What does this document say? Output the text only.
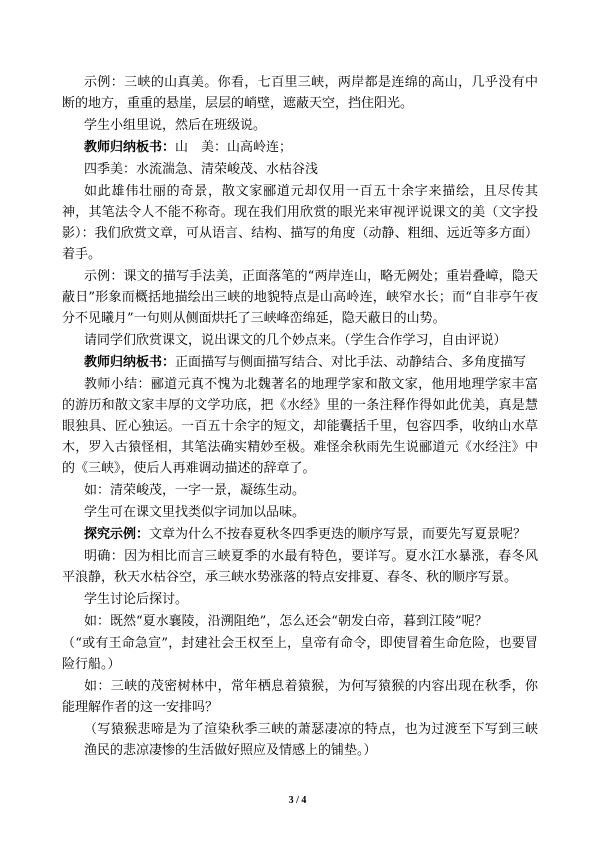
示例：三峡的山真美。你看，七百里三峡，两岸都是连绵的高山，几乎没有中断的地方，重重的悬崖，层层的峭壁，遮蔽天空，挡住阳光。

学生小组里说，然后在班级说。

教师归纳板书：山　美：山高岭连；

四季美：水流湍急、清荣峻茂、水枯谷浅

如此雄伟壮丽的奇景，散文家郦道元却仅用一百五十余字来描绘，且尽传其神，其笔法令人不能不称奇。现在我们用欣赏的眼光来审视评说课文的美（文字投影）：我们欣赏文章，可从语言、结构、描写的角度（动静、粗细、远近等多方面）着手。

示例：课文的描写手法美，正面落笔的“两岸连山，略无阙处；重岩叠嶂，隐天蔽日”形象而概括地描绘出三峡的地貌特点是山高岭连，峡窄水长；而“自非亭午夜分不见曦月”一句则从侧面烘托了三峡峰峦绵延，隐天蔽日的山势。

请同学们欣赏课文，说出课文的几个妙点来。（学生合作学习，自由评说）

教师归纳板书：正面描写与侧面描写结合、对比手法、动静结合、多角度描写

教师小结：郦道元真不愧为北魏著名的地理学家和散文家，他用地理学家丰富的游历和散文家丰厚的文学功底，把《水经》里的一条注释作得如此优美，真是慧眼独具、匠心独运。一百五十余字的短文，却能囊括千里，包容四季，收纳山水草木，罗入古猿怪相，其笔法确实精妙至极。难怪余秋雨先生说郦道元《水经注》中的《三峡》，使后人再难调动描述的辞章了。

如：清荣峻茂，一字一景，凝练生动。

学生可在课文里找类似字词加以品味。

探究示例：文章为什么不按春夏秋冬四季更迭的顺序写景，而要先写夏景呢？

明确：因为相比而言三峡夏季的水最有特色，要详写。夏水江水暴涨，春冬风平浪静，秋天水枯谷空，承三峡水势涨落的特点安排夏、春冬、秋的顺序写景。

学生讨论后探讨。

如：既然“夏水襄陵，沿溯阻绝”，怎么还会“朝发白帝，暮到江陵”呢？

（“或有王命急宣”，封建社会王权至上，皇帝有命令，即使冒着生命危险，也要冒险行船。）

如：三峡的茂密树林中，常年栖息着猿猴，为何写猿猴的内容出现在秋季，你能理解作者的这一安排吗？

（写猿猴悲啼是为了渲染秋季三峡的萧瑟凄凉的特点，也为过渡至下写到三峡渔民的悲凉凄惨的生活做好照应及情感上的铺垫。）

3 / 4
